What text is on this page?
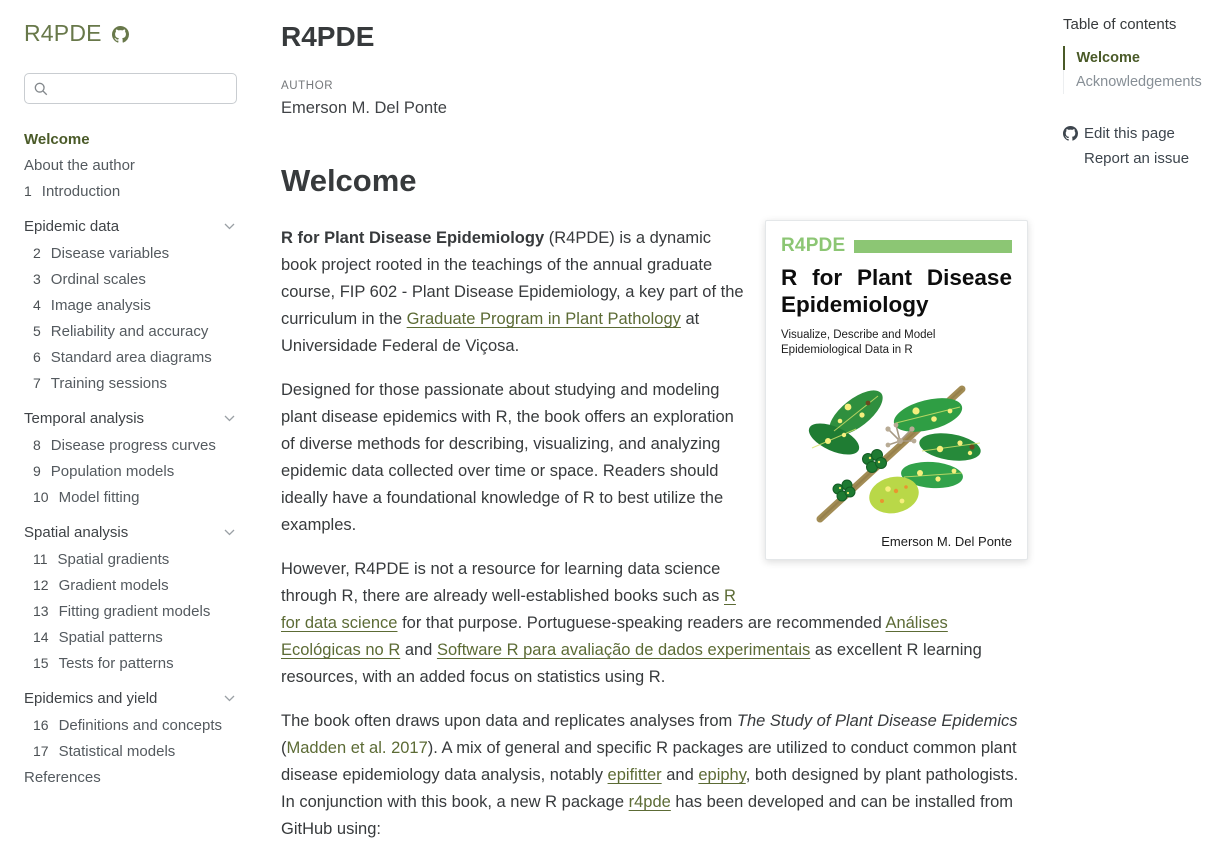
R4PDE
Welcome
About the author
1 Introduction
Epidemic data
2 Disease variables
3 Ordinal scales
4 Image analysis
5 Reliability and accuracy
6 Standard area diagrams
7 Training sessions
Temporal analysis
8 Disease progress curves
9 Population models
10 Model fitting
Spatial analysis
11 Spatial gradients
12 Gradient models
13 Fitting gradient models
14 Spatial patterns
15 Tests for patterns
Epidemics and yield
16 Definitions and concepts
17 Statistical models
References
R4PDE
AUTHOR
Emerson M. Del Ponte
Welcome
R4PDE
R for Plant Disease
Epidemiology
Visualize, Describe and Model
Epidemiological Data in R
Emerson M. Del Ponte

R for Plant Disease Epidemiology (R4PDE) is a dynamic book project rooted in the teachings of the annual graduate course, FIP 602 - Plant Disease Epidemiology, a key part of the curriculum in the Graduate Program in Plant Pathology at Universidade Federal de Viçosa.

Designed for those passionate about studying and modeling plant disease epidemics with R, the book offers an exploration of diverse methods for describing, visualizing, and analyzing epidemic data collected over time or space. Readers should ideally have a foundational knowledge of R to best utilize the examples.

However, R4PDE is not a resource for learning data science through R, there are already well-established books such as R for data science for that purpose. Portuguese-speaking readers are recommended Análises Ecológicas no R and Software R para avaliação de dados experimentais as excellent R learning resources, with an added focus on statistics using R.

The book often draws upon data and replicates analyses from The Study of Plant Disease Epidemics (Madden et al. 2017). A mix of general and specific R packages are utilized to conduct common plant disease epidemiology data analysis, notably epifitter and epiphy, both designed by plant pathologists. In conjunction with this book, a new R package r4pde has been developed and can be installed from GitHub using:

Table of contents
Welcome
Acknowledgements
Edit this page
Report an issue
